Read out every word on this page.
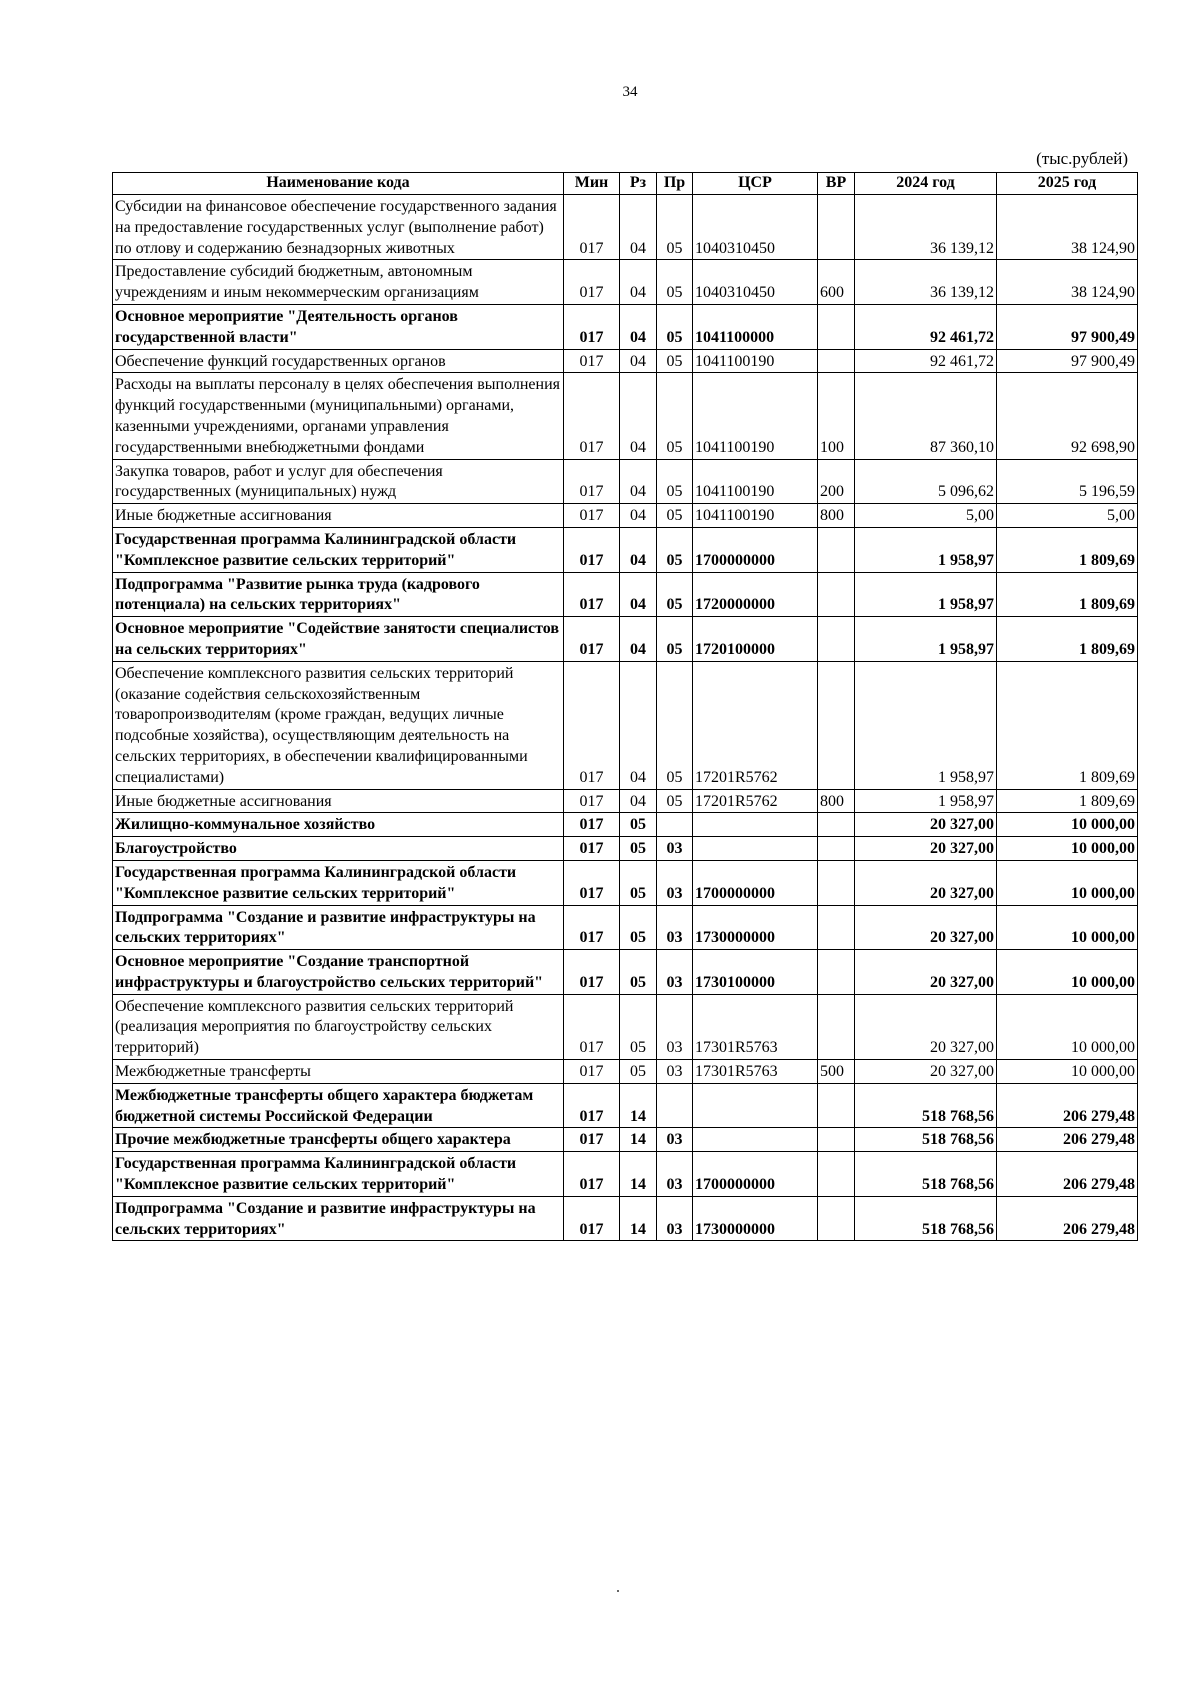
34
(тыс.рублей)
Наименование кода	Мин	Рз	Пр	ЦСР	ВР	2024 год	2025 год
Субсидии на финансовое обеспечение государственного задания на предоставление государственных услуг (выполнение работ) по отлову и содержанию безнадзорных животных	017	04	05	1040310450		36 139,12	38 124,90
Предоставление субсидий бюджетным, автономным учреждениям и иным некоммерческим организациям	017	04	05	1040310450	600	36 139,12	38 124,90
Основное мероприятие "Деятельность органов государственной власти"	017	04	05	1041100000		92 461,72	97 900,49
Обеспечение функций государственных органов	017	04	05	1041100190		92 461,72	97 900,49
Расходы на выплаты персоналу в целях обеспечения выполнения функций государственными (муниципальными) органами, казенными учреждениями, органами управления государственными внебюджетными фондами	017	04	05	1041100190	100	87 360,10	92 698,90
Закупка товаров, работ и услуг для обеспечения государственных (муниципальных) нужд	017	04	05	1041100190	200	5 096,62	5 196,59
Иные бюджетные ассигнования	017	04	05	1041100190	800	5,00	5,00
Государственная программа Калининградской области "Комплексное развитие сельских территорий"	017	04	05	1700000000		1 958,97	1 809,69
Подпрограмма "Развитие рынка труда (кадрового потенциала) на сельских территориях"	017	04	05	1720000000		1 958,97	1 809,69
Основное мероприятие "Содействие занятости специалистов на сельских территориях"	017	04	05	1720100000		1 958,97	1 809,69
Обеспечение комплексного развития сельских территорий (оказание содействия сельскохозяйственным товаропроизводителям (кроме граждан, ведущих личные подсобные хозяйства), осуществляющим деятельность на сельских территориях, в обеспечении квалифицированными специалистами)	017	04	05	17201R5762		1 958,97	1 809,69
Иные бюджетные ассигнования	017	04	05	17201R5762	800	1 958,97	1 809,69
Жилищно-коммунальное хозяйство	017	05				20 327,00	10 000,00
Благоустройство	017	05	03			20 327,00	10 000,00
Государственная программа Калининградской области "Комплексное развитие сельских территорий"	017	05	03	1700000000		20 327,00	10 000,00
Подпрограмма "Создание и развитие инфраструктуры на сельских территориях"	017	05	03	1730000000		20 327,00	10 000,00
Основное мероприятие "Создание транспортной инфраструктуры и благоустройство сельских территорий"	017	05	03	1730100000		20 327,00	10 000,00
Обеспечение комплексного развития сельских территорий (реализация мероприятия по благоустройству сельских территорий)	017	05	03	17301R5763		20 327,00	10 000,00
Межбюджетные трансферты	017	05	03	17301R5763	500	20 327,00	10 000,00
Межбюджетные трансферты общего характера бюджетам бюджетной системы Российской Федерации	017	14				518 768,56	206 279,48
Прочие межбюджетные трансферты общего характера	017	14	03			518 768,56	206 279,48
Государственная программа Калининградской области "Комплексное развитие сельских территорий"	017	14	03	1700000000		518 768,56	206 279,48
Подпрограмма "Создание и развитие инфраструктуры на сельских территориях"	017	14	03	1730000000		518 768,56	206 279,48
